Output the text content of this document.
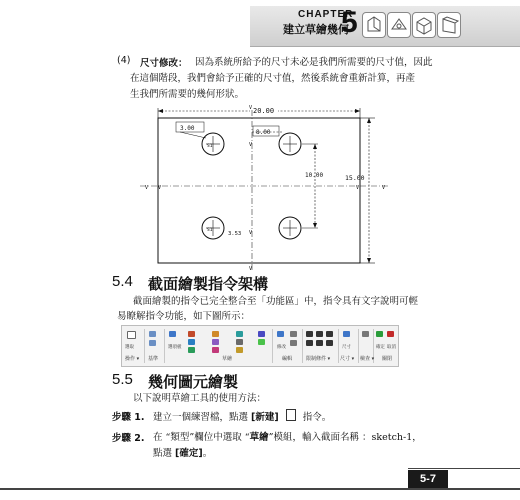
CHAPTER
建立草繪幾何
5
(4) 尺寸修改： 因為系統所給予的尺寸未必是我們所需要的尺寸值，因此
在這個階段，我們會給予正確的尺寸值，然後系統會重新計算，再產
生我們所需要的幾何形狀。
20.00
15.00
V	V
V
V
V	V
V
V
S1
S1
3.00
8.00
10.00
3.53
5.4 截面繪製指令架構
截面繪製的指令已完全整合至「功能區」中，指令具有文字說明可輕
易瞭解指令功能，如下圖所示：
選取	選項板	修改	尺寸	確定 取消
操作 ▾ 基準	草繪	編輯	限制條件 ▾ 尺寸 ▾ 檢查 ▾ 關閉
5.5 幾何圖元繪製
以下說明草繪工具的使用方法：
步驟 1. 建立一個練習檔，點選 [新建]	指令。
步驟 2. 在 “類型”欄位中選取 “草繪”模組，輸入截面名稱 ：sketch-1，
點選 [確定]。
5-7
